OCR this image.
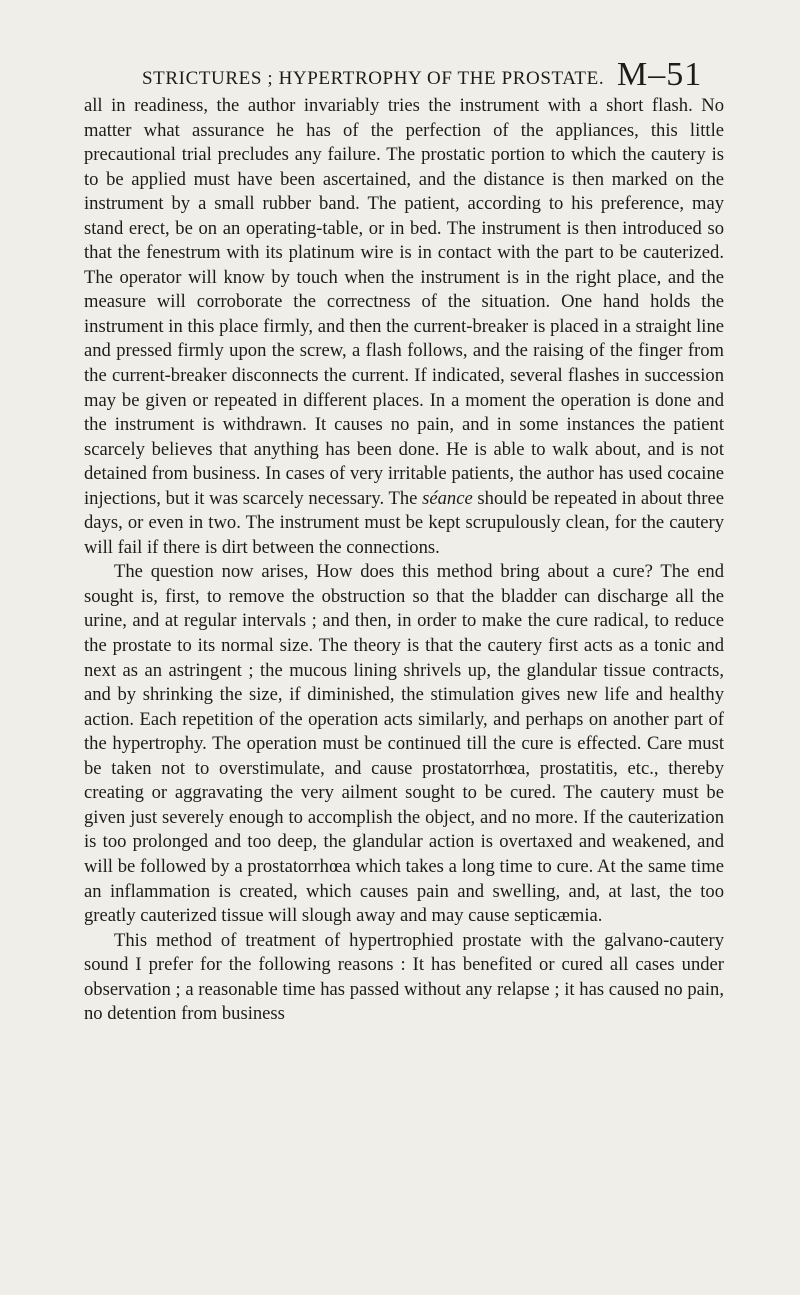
STRICTURES ; HYPERTROPHY OF THE PROSTATE. M–51

all in readiness, the author invariably tries the instrument with a short flash. No matter what assurance he has of the perfection of the appliances, this little precautional trial precludes any failure. The prostatic portion to which the cautery is to be applied must have been ascertained, and the distance is then marked on the instrument by a small rubber band. The patient, according to his preference, may stand erect, be on an operating-table, or in bed. The instrument is then introduced so that the fenestrum with its platinum wire is in contact with the part to be cauterized. The operator will know by touch when the instrument is in the right place, and the measure will corroborate the correctness of the situation. One hand holds the instrument in this place firmly, and then the current-breaker is placed in a straight line and pressed firmly upon the screw, a flash follows, and the raising of the finger from the current-breaker disconnects the current. If indicated, several flashes in succession may be given or repeated in different places. In a moment the operation is done and the instrument is withdrawn. It causes no pain, and in some instances the patient scarcely believes that anything has been done. He is able to walk about, and is not detained from business. In cases of very irritable patients, the author has used cocaine injections, but it was scarcely necessary. The séance should be repeated in about three days, or even in two. The instrument must be kept scrupulously clean, for the cautery will fail if there is dirt between the connections.

The question now arises, How does this method bring about a cure? The end sought is, first, to remove the obstruction so that the bladder can discharge all the urine, and at regular intervals ; and then, in order to make the cure radical, to reduce the prostate to its normal size. The theory is that the cautery first acts as a tonic and next as an astringent ; the mucous lining shrivels up, the glandular tissue contracts, and by shrinking the size, if diminished, the stimulation gives new life and healthy action. Each repetition of the operation acts similarly, and perhaps on another part of the hypertrophy. The operation must be continued till the cure is effected. Care must be taken not to overstimulate, and cause prostatorrhœa, prostatitis, etc., thereby creating or aggravating the very ailment sought to be cured. The cautery must be given just severely enough to accomplish the object, and no more. If the cauterization is too prolonged and too deep, the glandular action is overtaxed and weakened, and will be followed by a prostatorrhœa which takes a long time to cure. At the same time an inflammation is created, which causes pain and swelling, and, at last, the too greatly cauterized tissue will slough away and may cause septicæmia.

This method of treatment of hypertrophied prostate with the galvano-cautery sound I prefer for the following reasons : It has benefited or cured all cases under observation ; a reasonable time has passed without any relapse ; it has caused no pain, no detention from business
